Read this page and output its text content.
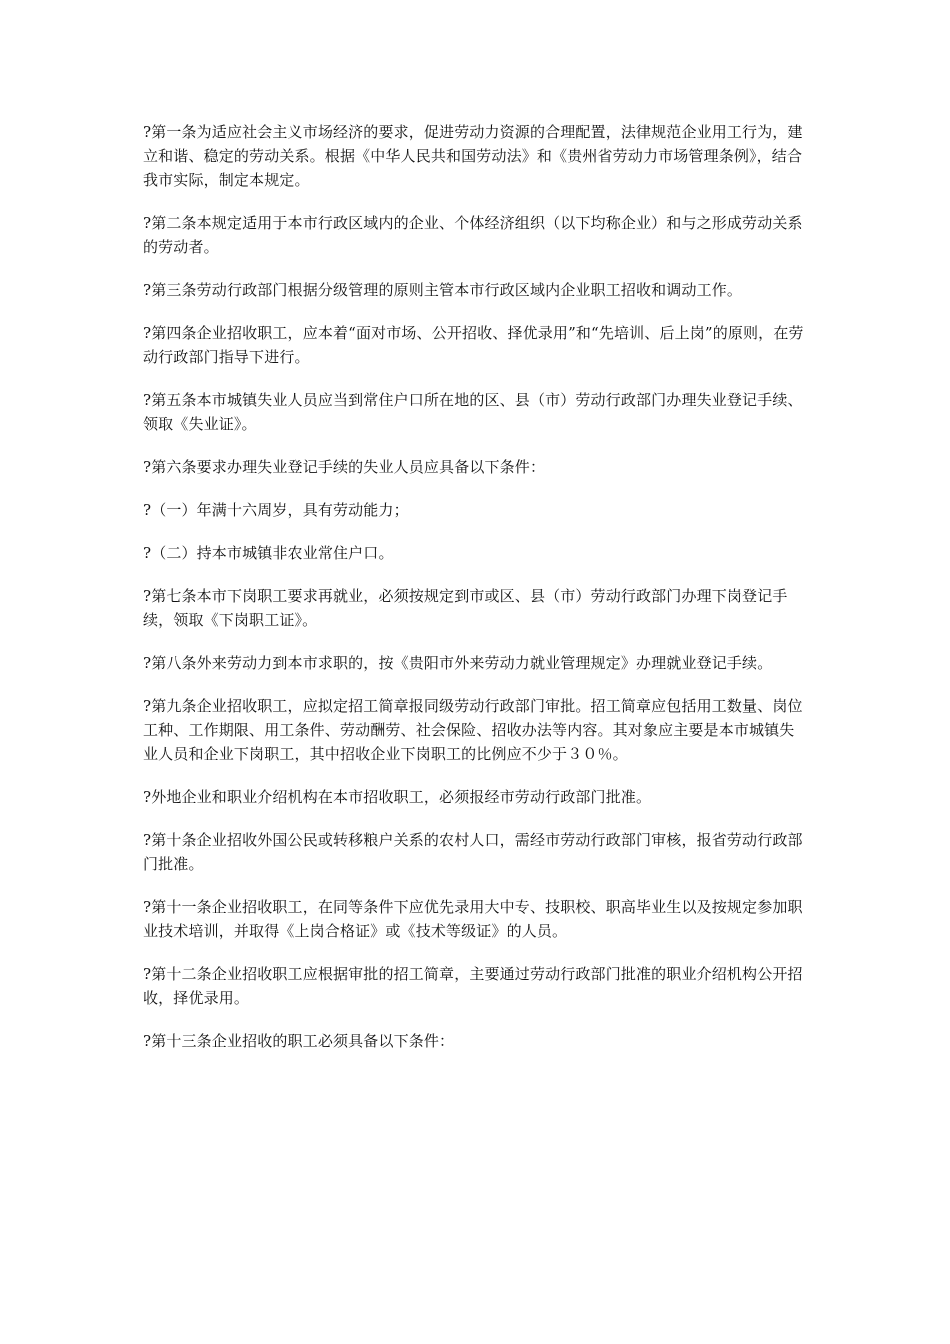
?第一条为适应社会主义市场经济的要求，促进劳动力资源的合理配置，法律规范企业用工行为，建立和谐、稳定的劳动关系。根据《中华人民共和国劳动法》和《贵州省劳动力市场管理条例》，结合我市实际，制定本规定。

?第二条本规定适用于本市行政区域内的企业、个体经济组织（以下均称企业）和与之形成劳动关系的劳动者。

?第三条劳动行政部门根据分级管理的原则主管本市行政区域内企业职工招收和调动工作。

?第四条企业招收职工，应本着“面对市场、公开招收、择优录用”和“先培训、后上岗”的原则，在劳动行政部门指导下进行。

?第五条本市城镇失业人员应当到常住户口所在地的区、县（市）劳动行政部门办理失业登记手续、领取《失业证》。

?第六条要求办理失业登记手续的失业人员应具备以下条件：

?（一）年满十六周岁，具有劳动能力；

?（二）持本市城镇非农业常住户口。

?第七条本市下岗职工要求再就业，必须按规定到市或区、县（市）劳动行政部门办理下岗登记手续，领取《下岗职工证》。

?第八条外来劳动力到本市求职的，按《贵阳市外来劳动力就业管理规定》办理就业登记手续。

?第九条企业招收职工，应拟定招工简章报同级劳动行政部门审批。招工简章应包括用工数量、岗位工种、工作期限、用工条件、劳动酬劳、社会保险、招收办法等内容。其对象应主要是本市城镇失业人员和企业下岗职工，其中招收企业下岗职工的比例应不少于３０％。

?外地企业和职业介绍机构在本市招收职工，必须报经市劳动行政部门批准。

?第十条企业招收外国公民或转移粮户关系的农村人口，需经市劳动行政部门审核，报省劳动行政部门批准。

?第十一条企业招收职工，在同等条件下应优先录用大中专、技职校、职高毕业生以及按规定参加职业技术培训，并取得《上岗合格证》或《技术等级证》的人员。

?第十二条企业招收职工应根据审批的招工简章，主要通过劳动行政部门批准的职业介绍机构公开招收，择优录用。

?第十三条企业招收的职工必须具备以下条件：
